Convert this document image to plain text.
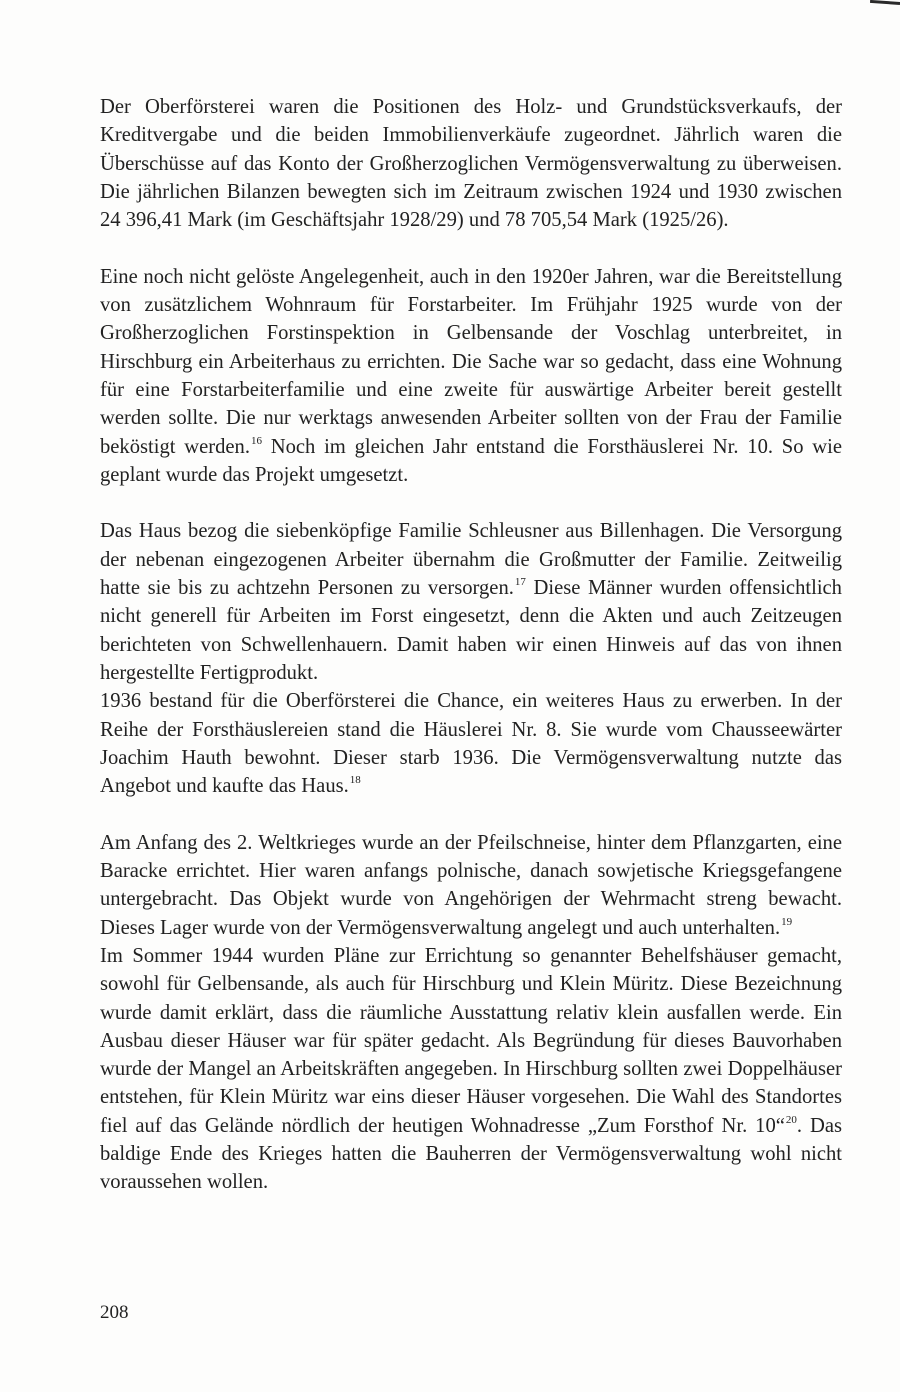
Der Oberförsterei waren die Positionen des Holz- und Grundstücksverkaufs, der Kreditvergabe und die beiden Immobilienverkäufe zugeordnet. Jährlich waren die Überschüsse auf das Konto der Großherzoglichen Vermögensverwaltung zu überweisen. Die jährlichen Bilanzen bewegten sich im Zeitraum zwischen 1924 und 1930 zwischen 24 396,41 Mark (im Geschäftsjahr 1928/29) und 78 705,54 Mark (1925/26).

Eine noch nicht gelöste Angelegenheit, auch in den 1920er Jahren, war die Bereitstellung von zusätzlichem Wohnraum für Forstarbeiter. Im Frühjahr 1925 wurde von der Großherzoglichen Forstinspektion in Gelbensande der Voschlag unterbreitet, in Hirschburg ein Arbeiterhaus zu errichten. Die Sache war so gedacht, dass eine Wohnung für eine Forstarbeiterfamilie und eine zweite für auswärtige Arbeiter bereit gestellt werden sollte. Die nur werktags anwesenden Arbeiter sollten von der Frau der Familie beköstigt werden.$^{16}$ Noch im gleichen Jahr entstand die Forsthäuslerei Nr. 10. So wie geplant wurde das Projekt umgesetzt.

Das Haus bezog die siebenköpfige Familie Schleusner aus Billenhagen. Die Versorgung der nebenan eingezogenen Arbeiter übernahm die Großmutter der Familie. Zeitweilig hatte sie bis zu achtzehn Personen zu versorgen.$^{17}$ Diese Männer wurden offensichtlich nicht generell für Arbeiten im Forst eingesetzt, denn die Akten und auch Zeitzeugen berichteten von Schwellenhauern. Damit haben wir einen Hinweis auf das von ihnen hergestellte Fertigprodukt.

1936 bestand für die Oberförsterei die Chance, ein weiteres Haus zu erwerben. In der Reihe der Forsthäuslereien stand die Häuslerei Nr. 8. Sie wurde vom Chausseewärter Joachim Hauth bewohnt. Dieser starb 1936. Die Vermögensverwaltung nutzte das Angebot und kaufte das Haus.$^{18}$

Am Anfang des 2. Weltkrieges wurde an der Pfeilschneise, hinter dem Pflanzgarten, eine Baracke errichtet. Hier waren anfangs polnische, danach sowjetische Kriegsgefangene untergebracht. Das Objekt wurde von Angehörigen der Wehrmacht streng bewacht. Dieses Lager wurde von der Vermögensverwaltung angelegt und auch unterhalten.$^{19}$

Im Sommer 1944 wurden Pläne zur Errichtung so genannter Behelfshäuser gemacht, sowohl für Gelbensande, als auch für Hirschburg und Klein Müritz. Diese Bezeichnung wurde damit erklärt, dass die räumliche Ausstattung relativ klein ausfallen werde. Ein Ausbau dieser Häuser war für später gedacht. Als Begründung für dieses Bauvorhaben wurde der Mangel an Arbeitskräften angegeben. In Hirschburg sollten zwei Doppelhäuser entstehen, für Klein Müritz war eins dieser Häuser vorgesehen. Die Wahl des Standortes fiel auf das Gelände nördlich der heutigen Wohnadresse „Zum Forsthof Nr. 10“$^{20}$. Das baldige Ende des Krieges hatten die Bauherren der Vermögensverwaltung wohl nicht voraussehen wollen.

208
